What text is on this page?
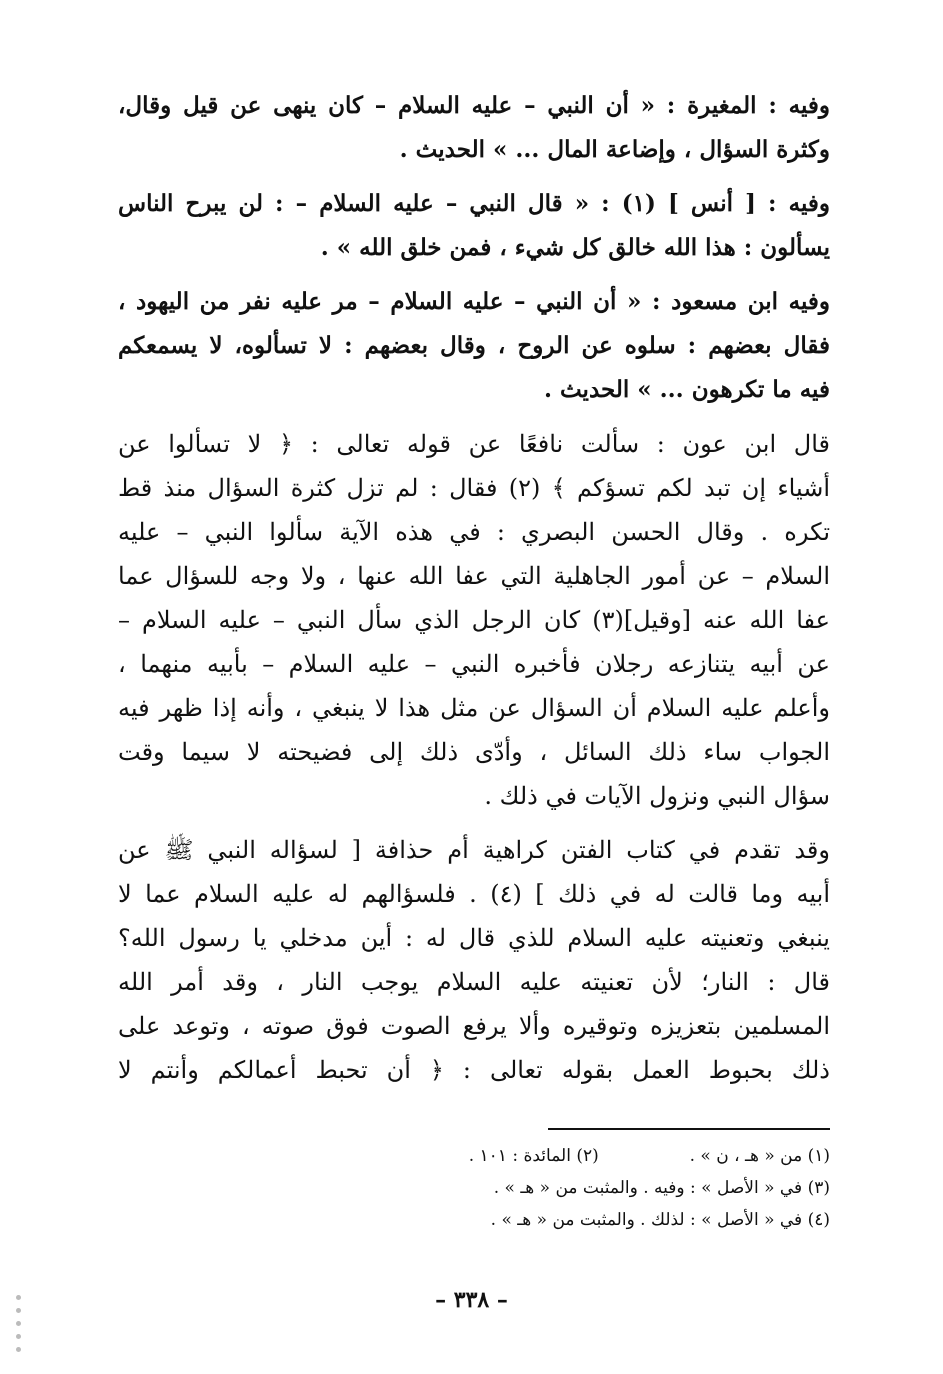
وفيه : المغيرة : « أن النبي – عليه السلام – كان ينهى عن قيل وقال،
وكثرة السؤال ، وإضاعة المال ... » الحديث .
وفيه : [ أنس ] (١) : « قال النبي – عليه السلام – : لن يبرح الناس
يسألون : هذا الله خالق كل شيء ، فمن خلق الله » .
وفيه ابن مسعود : « أن النبي – عليه السلام – مر عليه نفر من اليهود ،
فقال بعضهم : سلوه عن الروح ، وقال بعضهم : لا تسألوه، لا يسمعكم
فيه ما تكرهون ... » الحديث .
قال ابن عون : سألت نافعًا عن قوله تعالى : ﴿ لا تسألوا عن
أشياء إن تبد لكم تسؤكم ﴾ (٢) فقال : لم تزل كثرة السؤال منذ قط
تكره . وقال الحسن البصري : في هذه الآية سألوا النبي – عليه
السلام – عن أمور الجاهلية التي عفا الله عنها ، ولا وجه للسؤال عما
عفا الله عنه [وقيل](٣) كان الرجل الذي سأل النبي – عليه السلام –
عن أبيه يتنازعه رجلان فأخبره النبي – عليه السلام – بأبيه منهما ،
وأعلم عليه السلام أن السؤال عن مثل هذا لا ينبغي ، وأنه إذا ظهر فيه
الجواب ساء ذلك السائل ، وأدّى ذلك إلى فضيحته لا سيما وقت
سؤال النبي ونزول الآيات في ذلك .
وقد تقدم في كتاب الفتن كراهية أم حذافة [ لسؤاله النبي ﷺ عن
أبيه وما قالت له في ذلك ] (٤) . فلسؤالهم له عليه السلام عما لا
ينبغي وتعنيته عليه السلام للذي قال له : أين مدخلي يا رسول الله؟
قال : النار؛ لأن تعنيته عليه السلام يوجب النار ، وقد أمر الله
المسلمين بتعزيزه وتوقيره وألا يرفع الصوت فوق صوته ، وتوعد على
ذلك بحبوط العمل بقوله تعالى : ﴿ أن تحبط أعمالكم وأنتم لا
(١) من « هـ ، ن » .  (٢) المائدة : ١٠١ .
(٣) في « الأصل » : وفيه . والمثبت من « هـ » .
(٤) في « الأصل » : لذلك . والمثبت من « هـ » .
– ٣٣٨ –
